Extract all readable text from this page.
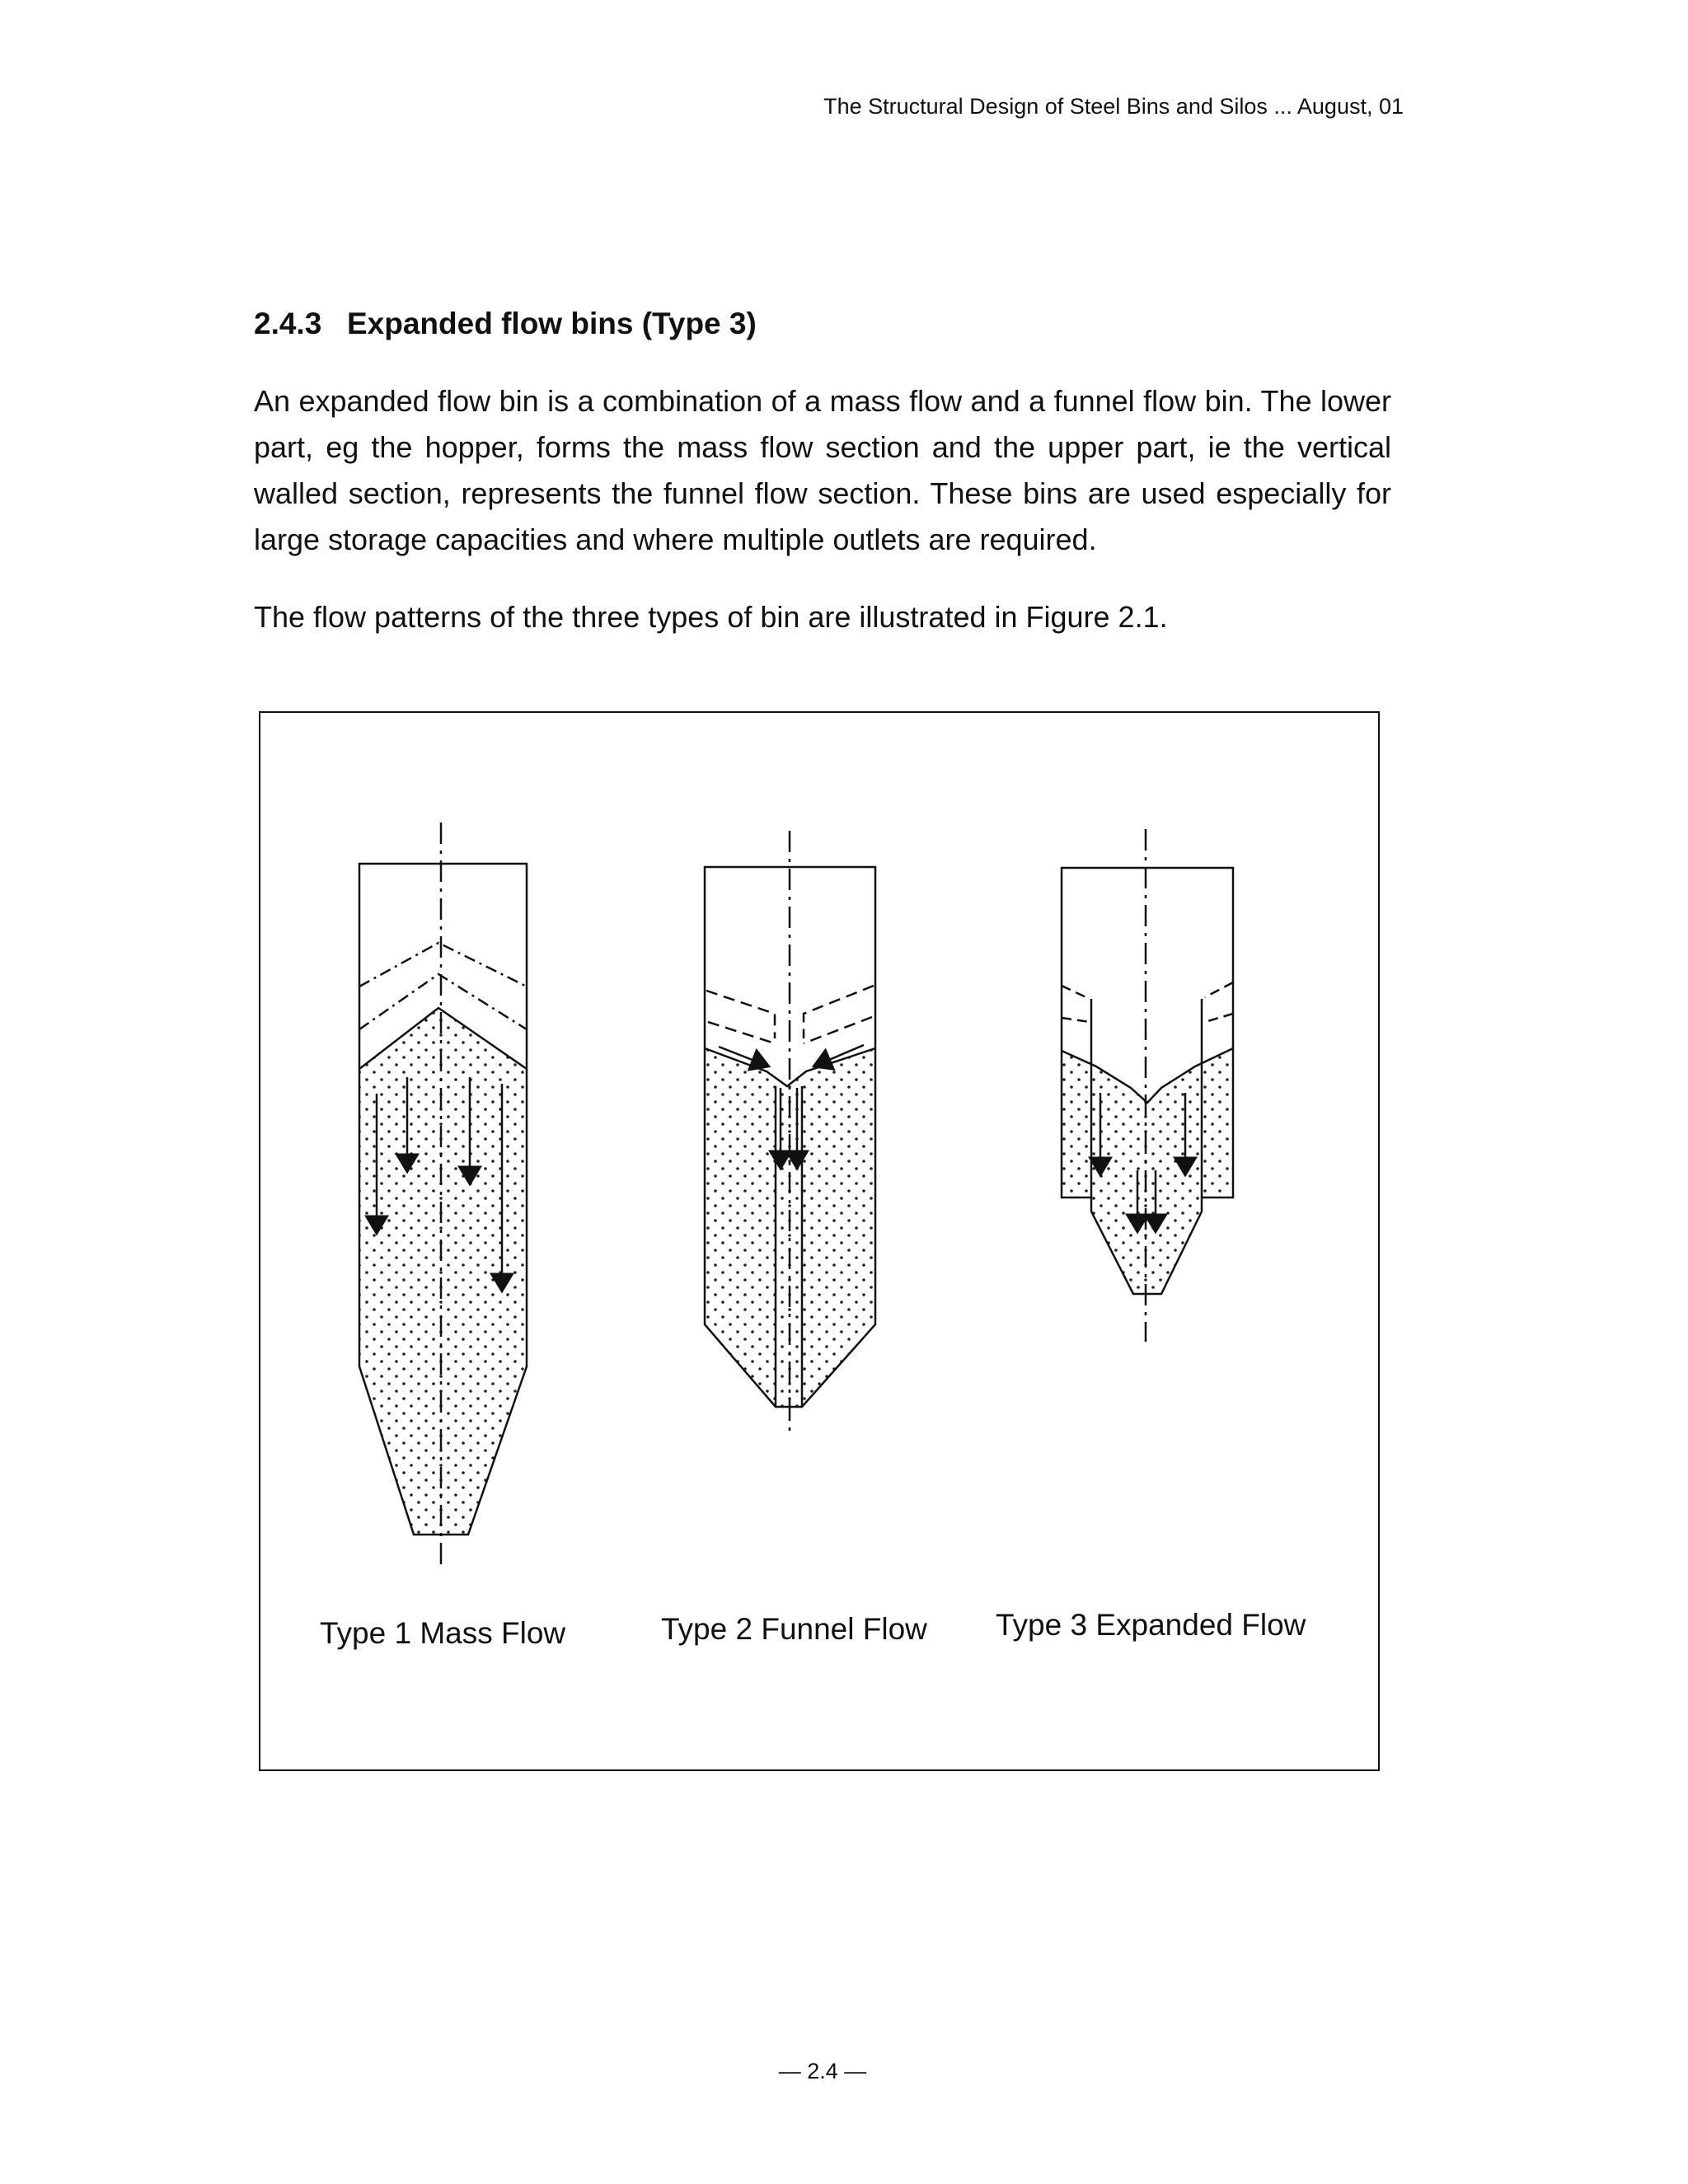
The Structural Design of Steel Bins and Silos ... August, 01
2.4.3 Expanded flow bins (Type 3)

An expanded flow bin is a combination of a mass flow and a funnel flow bin. The lower part, eg the hopper, forms the mass flow section and the upper part, ie the vertical walled section, represents the funnel flow section. These bins are used especially for large storage capacities and where multiple outlets are required.

The flow patterns of the three types of bin are illustrated in Figure 2.1.

Type 1 Mass Flow	Type 2 Funnel Flow Type 3 Expanded Flow
— 2.4 —
